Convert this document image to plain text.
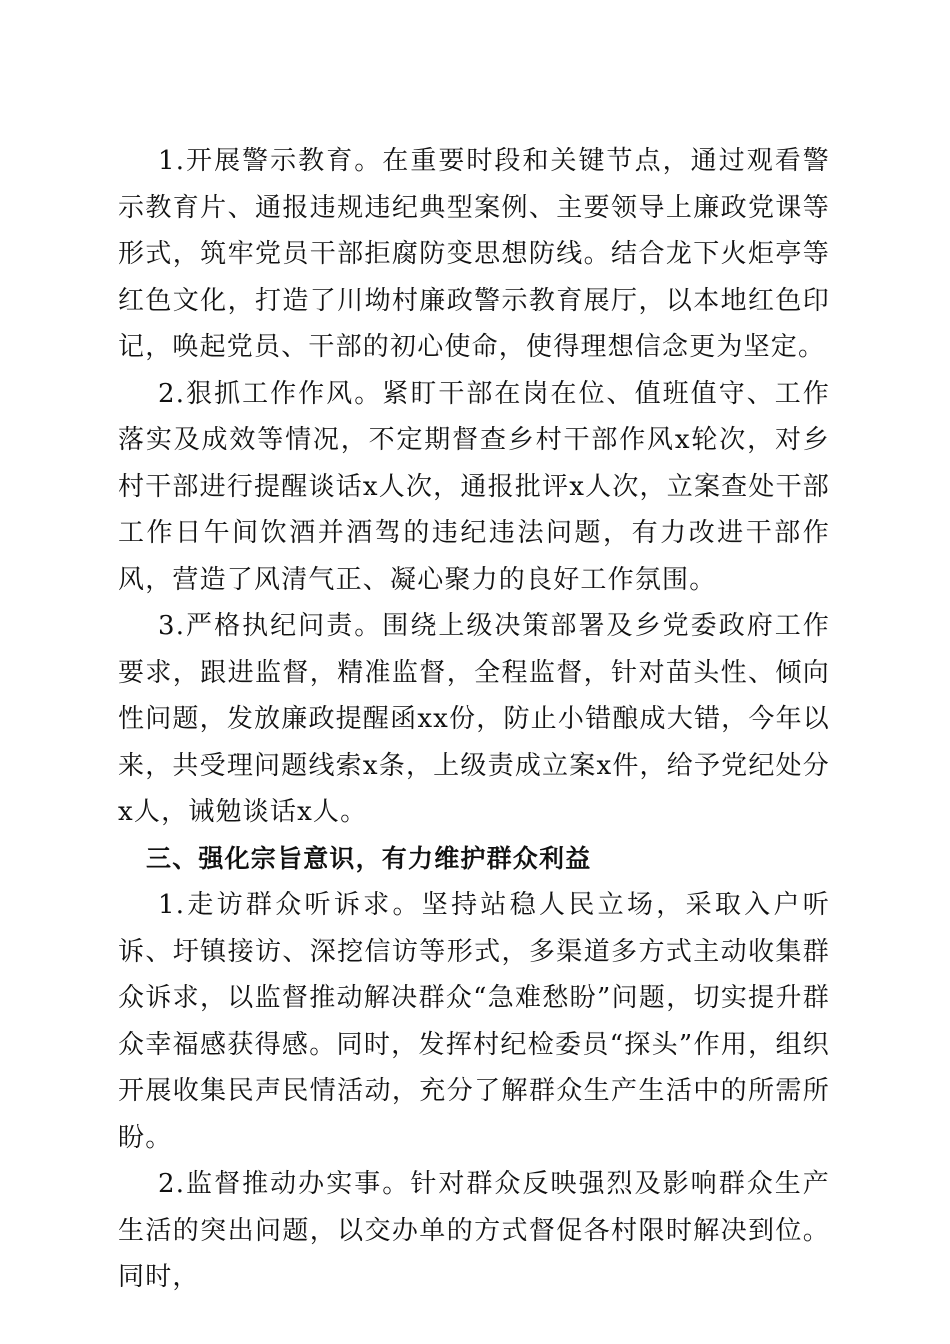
1.开展警示教育。在重要时段和关键节点，通过观看警示教育片、通报违规违纪典型案例、主要领导上廉政党课等形式，筑牢党员干部拒腐防变思想防线。结合龙下火炬亭等红色文化，打造了川坳村廉政警示教育展厅，以本地红色印记，唤起党员、干部的初心使命，使得理想信念更为坚定。

2.狠抓工作作风。紧盯干部在岗在位、值班值守、工作落实及成效等情况，不定期督查乡村干部作风x轮次，对乡村干部进行提醒谈话x人次，通报批评x人次，立案查处干部工作日午间饮酒并酒驾的违纪违法问题，有力改进干部作风，营造了风清气正、凝心聚力的良好工作氛围。

3.严格执纪问责。围绕上级决策部署及乡党委政府工作要求，跟进监督，精准监督，全程监督，针对苗头性、倾向性问题，发放廉政提醒函xx份，防止小错酿成大错，今年以来，共受理问题线索x条，上级责成立案x件，给予党纪处分x人，诫勉谈话x人。

三、强化宗旨意识，有力维护群众利益

1.走访群众听诉求。坚持站稳人民立场，采取入户听诉、圩镇接访、深挖信访等形式，多渠道多方式主动收集群众诉求，以监督推动解决群众“急难愁盼”问题，切实提升群众幸福感获得感。同时，发挥村纪检委员“探头”作用，组织开展收集民声民情活动，充分了解群众生产生活中的所需所盼。

2.监督推动办实事。针对群众反映强烈及影响群众生产生活的突出问题，以交办单的方式督促各村限时解决到位。同时，
